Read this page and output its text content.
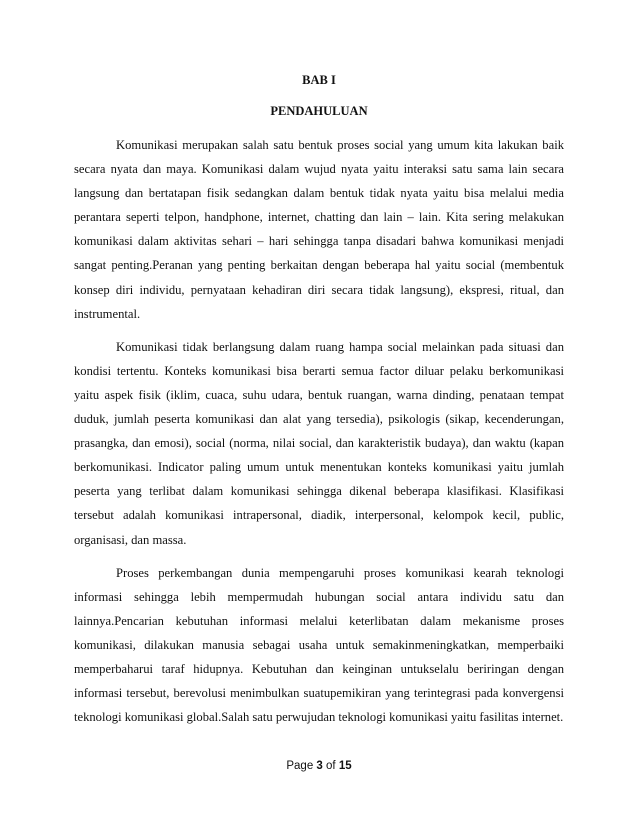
BAB I
PENDAHULUAN

Komunikasi merupakan salah satu bentuk proses social yang umum kita lakukan baik secara nyata dan maya. Komunikasi dalam wujud nyata yaitu interaksi satu sama lain secara langsung dan bertatapan fisik sedangkan dalam bentuk tidak nyata yaitu bisa melalui media perantara seperti telpon, handphone, internet, chatting dan lain – lain. Kita sering melakukan komunikasi dalam aktivitas sehari – hari sehingga tanpa disadari bahwa komunikasi menjadi sangat penting.Peranan yang penting berkaitan dengan beberapa hal yaitu social (membentuk konsep diri individu, pernyataan kehadiran diri secara tidak langsung), ekspresi, ritual, dan instrumental.

Komunikasi tidak berlangsung dalam ruang hampa social melainkan pada situasi dan kondisi tertentu. Konteks komunikasi bisa berarti semua factor diluar pelaku berkomunikasi yaitu aspek fisik (iklim, cuaca, suhu udara, bentuk ruangan, warna dinding, penataan tempat duduk, jumlah peserta komunikasi dan alat yang tersedia), psikologis (sikap, kecenderungan, prasangka, dan emosi), social (norma, nilai social, dan karakteristik budaya), dan waktu (kapan berkomunikasi. Indicator paling umum untuk menentukan konteks komunikasi yaitu jumlah peserta yang terlibat dalam komunikasi sehingga dikenal beberapa klasifikasi. Klasifikasi tersebut adalah komunikasi intrapersonal, diadik, interpersonal, kelompok kecil, public, organisasi, dan massa.

Proses perkembangan dunia mempengaruhi proses komunikasi kearah teknologi informasi sehingga lebih mempermudah hubungan social antara individu satu dan lainnya.Pencarian kebutuhan informasi melalui keterlibatan dalam mekanisme proses komunikasi, dilakukan manusia sebagai usaha untuk semakinmeningkatkan, memperbaiki memperbaharui taraf hidupnya. Kebutuhan dan keinginan untukselalu beriringan dengan informasi tersebut, berevolusi menimbulkan suatupemikiran yang terintegrasi pada konvergensi teknologi komunikasi global.Salah satu perwujudan teknologi komunikasi yaitu fasilitas internet.

Page 3 of 15
